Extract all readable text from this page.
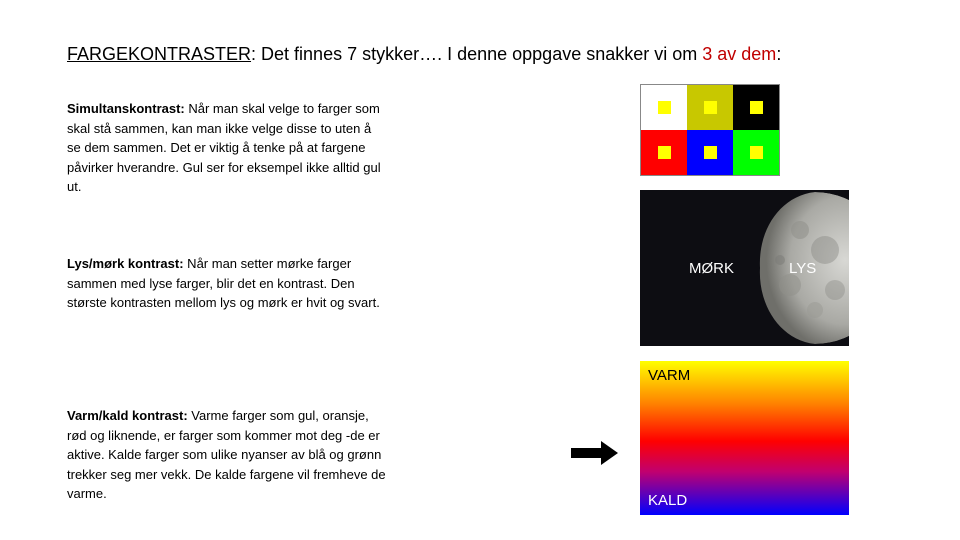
FARGEKONTRASTER: Det finnes 7 stykker…. I denne oppgave snakker vi om 3 av dem:
Simultanskontrast: Når man skal velge to farger som skal stå sammen, kan man ikke velge disse to uten å se dem sammen. Det er viktig å tenke på at fargene påvirker hverandre. Gul ser for eksempel ikke alltid gul ut.
Lys/mørk kontrast: Når man setter mørke farger sammen med lyse farger, blir det en kontrast. Den største kontrasten mellom lys og mørk er hvit og svart.
Varm/kald kontrast: Varme farger som gul, oransje, rød og liknende, er farger som kommer mot deg -de er aktive. Kalde farger som ulike nyanser av blå og grønn trekker seg mer vekk. De kalde fargene vil fremheve de varme.
MØRK	LYS
VARM
KALD
